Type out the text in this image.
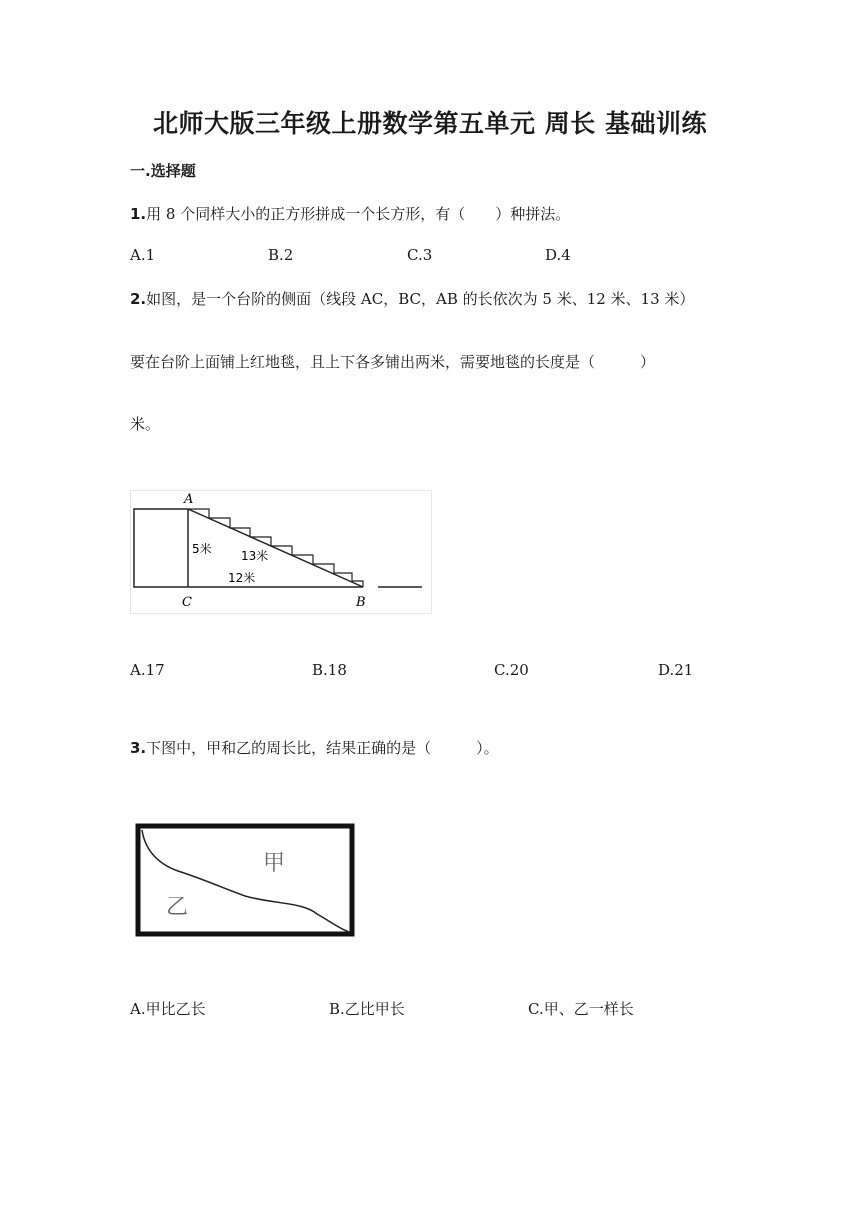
北师大版三年级上册数学第五单元 周长 基础训练
一.选择题
1.用 8 个同样大小的正方形拼成一个长方形，有（　　）种拼法。
A.1	B.2	C.3	D.4
2.如图，是一个台阶的侧面（线段 AC，BC，AB 的长依次为 5 米、12 米、13 米）
要在台阶上面铺上红地毯，且上下各多铺出两米，需要地毯的长度是（　　　）
米。
A
C	B
5米 13米
12米
A.17	B.18	C.20	D.21
3.下图中，甲和乙的周长比，结果正确的是（　　　）。
甲
乙
A.甲比乙长	B.乙比甲长	C.甲、乙一样长
